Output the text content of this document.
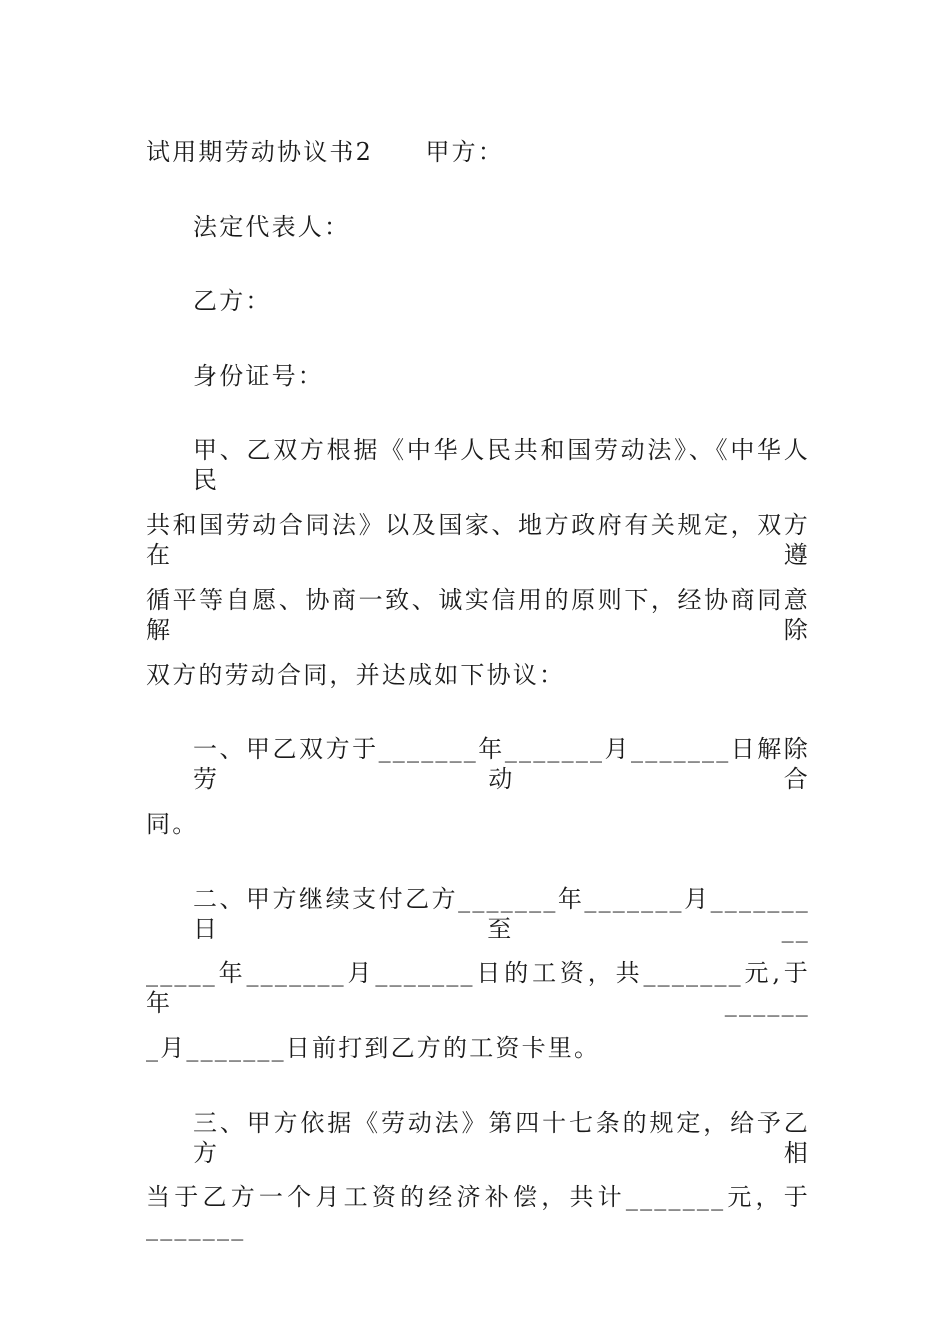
试用期劳动协议书2　　甲方：
法定代表人：
乙方：
身份证号：
甲、乙双方根据《中华人民共和国劳动法》、《中华人民
共和国劳动合同法》以及国家、地方政府有关规定，双方在遵
循平等自愿、协商一致、诚实信用的原则下，经协商同意解除
双方的劳动合同，并达成如下协议：
一、甲乙双方于_______年_______月_______日解除劳动合
同。
二、甲方继续支付乙方_______年_______月_______日至__
_____年_______月_______日的工资，共_______元,于年______
_月_______日前打到乙方的工资卡里。
三、甲方依据《劳动法》第四十七条的规定，给予乙方相
当于乙方一个月工资的经济补偿，共计_______元，于_______
